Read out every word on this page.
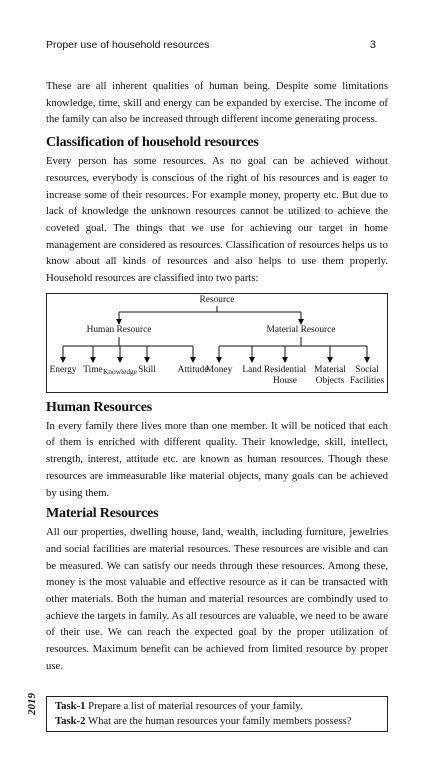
Proper use of household resources	3

These are all inherent qualities of human being. Despite some limitations knowledge, time, skill and energy can be expanded by exercise. The income of the family can also be increased through different income generating process.

Classification of household resources

Every person has some resources. As no goal can be achieved without resources, everybody is conscious of the right of his resources and is eager to increase some of their resources. For example money, property etc. But due to lack of knowledge the unknown resources cannot be utilized to achieve the coveted goal. The things that we use for achieving our target in home management are considered as resources. Classification of resources helps us to know about all kinds of resources and also helps to use them properly. Household resources are classified into two parts:

Resource
Human Resource	Material Resource
Energy Time Knowledge Skill Attitude
Money Land Residential House
Material Objects
Social Facilities
Human Resources

In every family there lives more than one member. It will be noticed that each of them is enriched with different quality. Their knowledge, skill, intellect, strength, interest, attitude etc. are known as human resources. Though these resources are immeasurable like material objects, many goals can be achieved by using them.

Material Resources

All our properties, dwelling house, land, wealth, including furniture, jewelries and social facilities are material resources. These resources are visible and can be measured. We can satisfy our needs through these resources. Among these, money is the most valuable and effective resource as it can be transacted with other materials. Both the human and material resources are combindly used to achieve the targets in family. As all resources are valuable, we need to be aware of their use. We can reach the expected goal by the proper utilization of resources. Maximum benefit can be achieved from limited resource by proper use.

Task-1 Prepare a list of material resources of your family.
Task-2 What are the human resources your family members possess?
2019
